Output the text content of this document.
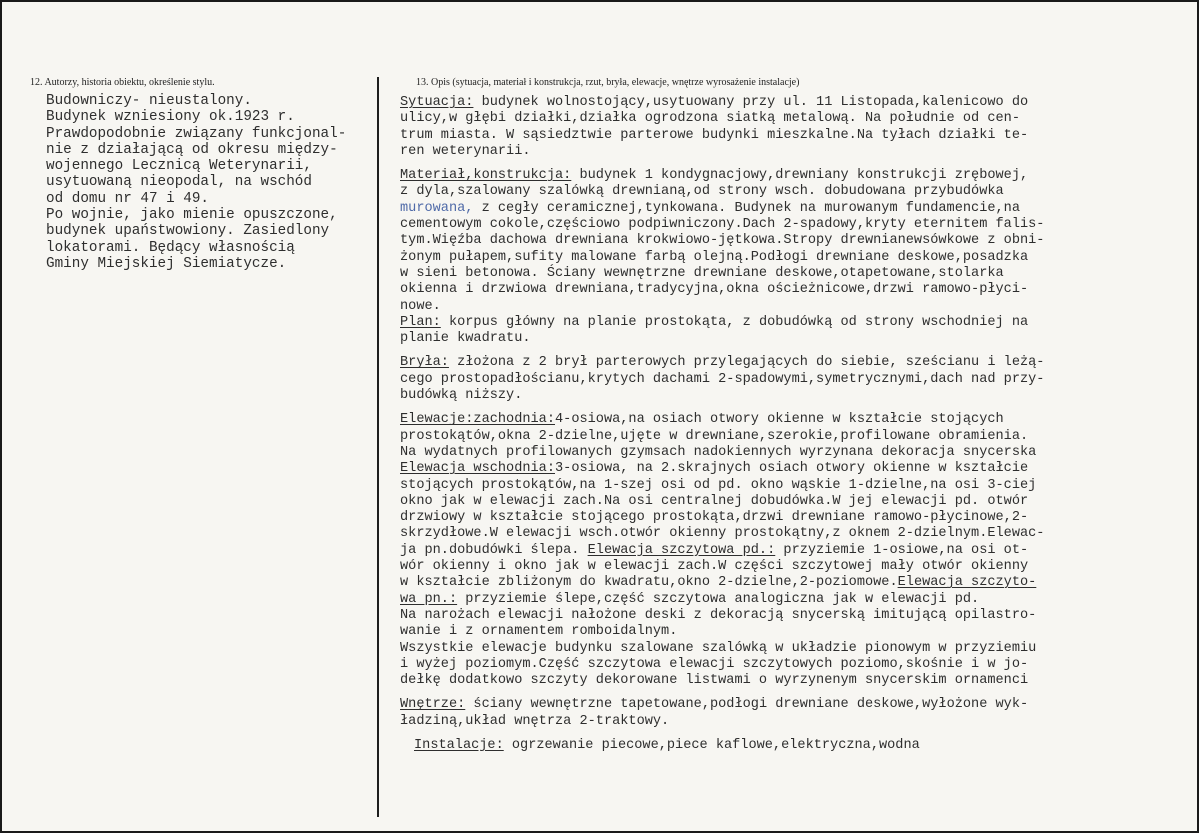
12. Autorzy, historia obiektu, określenie stylu.	13. Opis (sytuacja, materiał i konstrukcja, rzut, bryła, elewacje, wnętrze wyrosażenie instalacje)
Budowniczy- nieustalony.
Budynek wzniesiony ok.1923 r.
Prawdopodobnie związany funkcjonal-
nie z działającą od okresu między-
wojennego Lecznicą Weterynarii,
usytuowaną nieopodal, na wschód
od domu nr 47 i 49.
Po wojnie, jako mienie opuszczone,
budynek upaństwowiony. Zasiedlony
lokatorami. Będący własnością
Gminy Miejskiej Siemiatycze.
Sytuacja: budynek wolnostojący,usytuowany przy ul. 11 Listopada,kalenicowo do
ulicy,w głębi działki,działka ogrodzona siatką metalową. Na południe od cen-
trum miasta. W sąsiedztwie parterowe budynki mieszkalne.Na tyłach działki te-
ren weterynarii.
Materiał,konstrukcja: budynek 1 kondygnacjowy,drewniany konstrukcji zrębowej,
z dyla,szalowany szalówką drewnianą,od strony wsch. dobudowana przybudówka
murowana, z cegły ceramicznej,tynkowana. Budynek na murowanym fundamencie,na
cementowym cokole,częściowo podpiwniczony.Dach 2-spadowy,kryty eternitem falis-
tym.Więźba dachowa drewniana krokwiowo-jętkowa.Stropy drewnianewsówkowe z obni-
żonym pułapem,sufity malowane farbą olejną.Podłogi drewniane deskowe,posadzka
w sieni betonowa. Ściany wewnętrzne drewniane deskowe,otapetowane,stolarka
okienna i drzwiowa drewniana,tradycyjna,okna ościeżnicowe,drzwi ramowo-płyci-
nowe.
Plan: korpus główny na planie prostokąta, z dobudówką od strony wschodniej na
planie kwadratu.
Bryła: złożona z 2 brył parterowych przylegających do siebie, sześcianu i leżą-
cego prostopadłościanu,krytych dachami 2-spadowymi,symetrycznymi,dach nad przy-
budówką niższy.
Elewacje:zachodnia:4-osiowa,na osiach otwory okienne w kształcie stojących
prostokątów,okna 2-dzielne,ujęte w drewniane,szerokie,profilowane obramienia.
Na wydatnych profilowanych gzymsach nadokiennych wyrzynana dekoracja snycerska
Elewacja wschodnia:3-osiowa, na 2.skrajnych osiach otwory okienne w kształcie
stojących prostokątów,na 1-szej osi od pd. okno wąskie 1-dzielne,na osi 3-ciej
okno jak w elewacji zach.Na osi centralnej dobudówka.W jej elewacji pd. otwór
drzwiowy w kształcie stojącego prostokąta,drzwi drewniane ramowo-płycinowe,2-
skrzydłowe.W elewacji wsch.otwór okienny prostokątny,z oknem 2-dzielnym.Elewac-
ja pn.dobudówki ślepa. Elewacja szczytowa pd.: przyziemie 1-osiowe,na osi ot-
wór okienny i okno jak w elewacji zach.W części szczytowej mały otwór okienny
w kształcie zbliżonym do kwadratu,okno 2-dzielne,2-poziomowe.Elewacja szczyto-
wa pn.: przyziemie ślepe,część szczytowa analogiczna jak w elewacji pd.
Na narożach elewacji nałożone deski z dekoracją snycerską imitującą opilastro-
wanie i z ornamentem romboidalnym.
Wszystkie elewacje budynku szalowane szalówką w układzie pionowym w przyziemiu
i wyżej poziomym.Część szczytowa elewacji szczytowych poziomo,skośnie i w jo-
dełkę dodatkowo szczyty dekorowane listwami o wyrzynenym snycerskim ornamenci
Wnętrze: ściany wewnętrzne tapetowane,podłogi drewniane deskowe,wyłożone wyk-
ładziną,układ wnętrza 2-traktowy.
Instalacje: ogrzewanie piecowe,piece kaflowe,elektryczna,wodna
